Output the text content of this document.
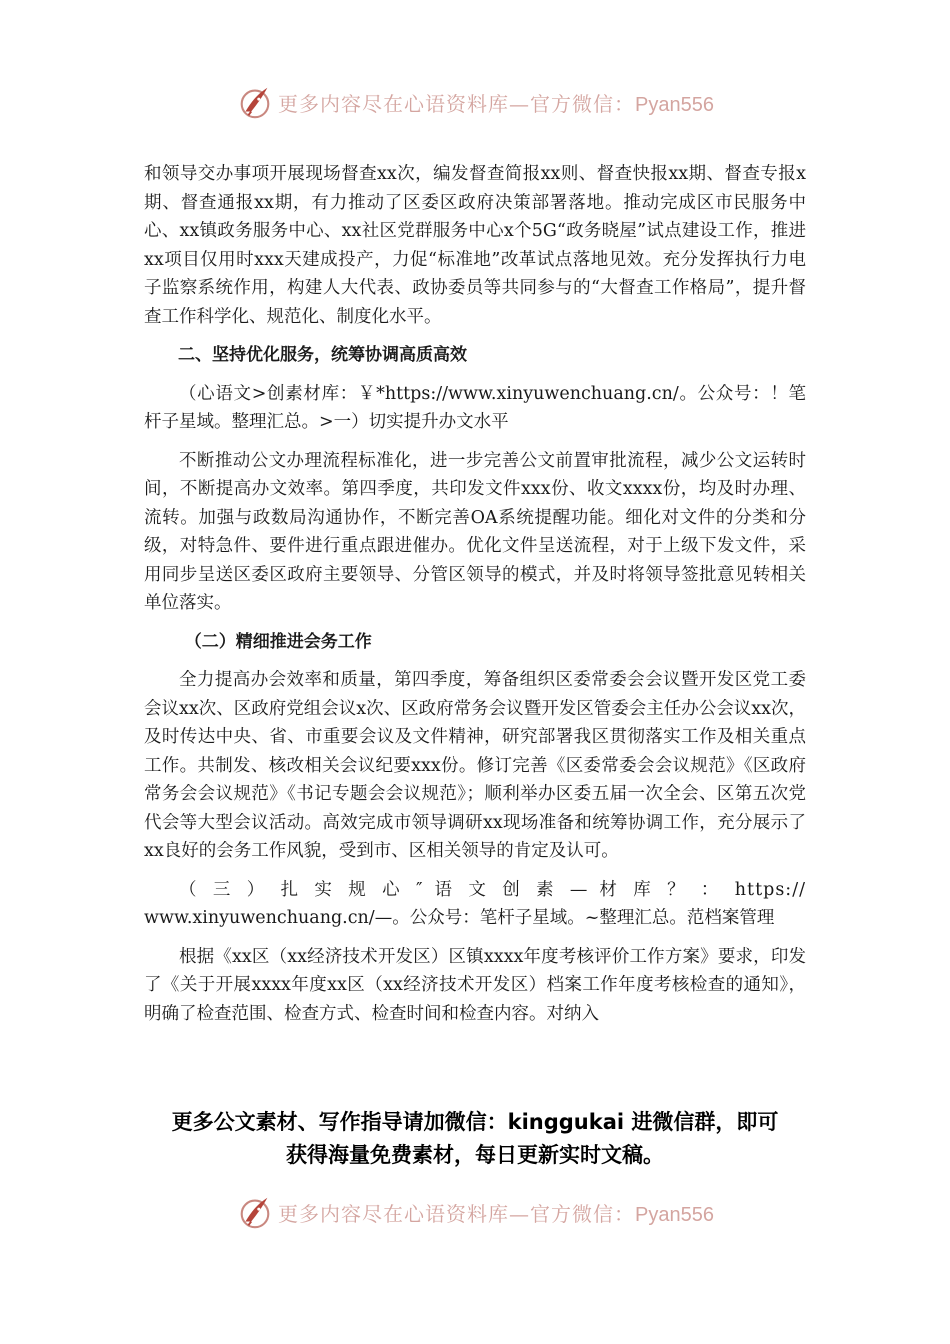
更多内容尽在心语资料库—官方微信：Pyan556

和领导交办事项开展现场督查xx次，编发督查简报xx则、督查快报xx期、督查专报x期、督查通报xx期，有力推动了区委区政府决策部署落地。推动完成区市民服务中心、xx镇政务服务中心、xx社区党群服务中心x个5G“政务晓屋”试点建设工作，推进xx项目仅用时xxx天建成投产，力促“标准地”改革试点落地见效。充分发挥执行力电子监察系统作用，构建人大代表、政协委员等共同参与的“大督查工作格局”，提升督查工作科学化、规范化、制度化水平。

二、坚持优化服务，统筹协调高质高效

（心语文>创素材库：￥*https://www.xinyuwenchuang.cn/。公众号：！笔杆子星域。整理汇总。>一）切实提升办文水平

不断推动公文办理流程标准化，进一步完善公文前置审批流程，减少公文运转时间，不断提高办文效率。第四季度，共印发文件xxx份、收文xxxx份，均及时办理、流转。加强与政数局沟通协作，不断完善OA系统提醒功能。细化对文件的分类和分级，对特急件、要件进行重点跟进催办。优化文件呈送流程，对于上级下发文件，采用同步呈送区委区政府主要领导、分管区领导的模式，并及时将领导签批意见转相关单位落实。

（二）精细推进会务工作

全力提高办会效率和质量，第四季度，筹备组织区委常委会会议暨开发区党工委会议xx次、区政府党组会议x次、区政府常务会议暨开发区管委会主任办公会议xx次，及时传达中央、省、市重要会议及文件精神，研究部署我区贯彻落实工作及相关重点工作。共制发、核改相关会议纪要xxx份。修订完善《区委常委会会议规范》《区政府常务会会议规范》《书记专题会会议规范》；顺利举办区委五届一次全会、区第五次党代会等大型会议活动。高效完成市领导调研xx现场准备和统筹协调工作，充分展示了xx良好的会务工作风貌，受到市、区相关领导的肯定及认可。

（ 三 ） 扎 实 规 心 ″ 语 文 创 素 — 材 库 ？ ： https://

www.xinyuwenchuang.cn/—。公众号：笔杆子星域。~整理汇总。范档案管理

根据《xx区（xx经济技术开发区）区镇xxxx年度考核评价工作方案》要求，印发了《关于开展xxxx年度xx区（xx经济技术开发区）档案工作年度考核检查的通知》，明确了检查范围、检查方式、检查时间和检查内容。对纳入

更多公文素材、写作指导请加微信：kinggukai 进微信群，即可
获得海量免费素材，每日更新实时文稿。
更多内容尽在心语资料库—官方微信：Pyan556
